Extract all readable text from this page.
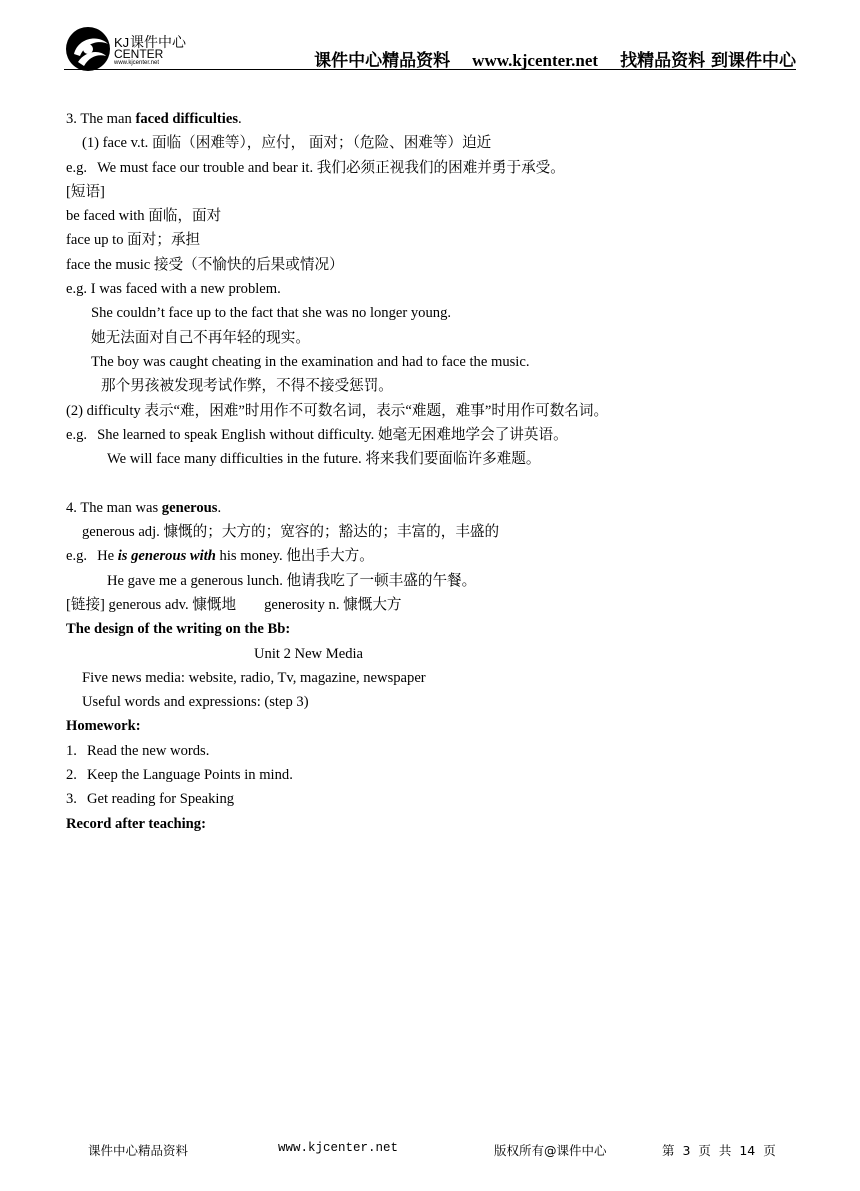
KJ 课件中心
CENTER
www.kjcenter.net	课件中心精品资料 www.kjcenter.net 找精品资料 到课件中心
3. The man faced difficulties.
(1) face v.t. 面临（困难等），应付， 面对；（危险、困难等）迫近
e.g. We must face our trouble and bear it. 我们必须正视我们的困难并勇于承受。
[短语]
be faced with 面临，面对
face up to 面对；承担
face the music 接受（不愉快的后果或情况）
e.g. I was faced with a new problem.
She couldn’t face up to the fact that she was no longer young.
她无法面对自己不再年轻的现实。
The boy was caught cheating in the examination and had to face the music.
那个男孩被发现考试作弊，不得不接受惩罚。
(2) difficulty 表示“难，困难”时用作不可数名词，表示“难题，难事”时用作可数名词。
e.g. She learned to speak English without difficulty. 她毫无困难地学会了讲英语。
We will face many difficulties in the future. 将来我们要面临许多难题。
4. The man was generous.
generous adj. 慷慨的；大方的；宽容的；豁达的；丰富的，丰盛的
e.g. He is generous with his money. 他出手大方。
He gave me a generous lunch. 他请我吃了一顿丰盛的午餐。
[链接] generous adv. 慷慨地 generosity n. 慷慨大方
The design of the writing on the Bb:
Unit 2 New Media
Five news media: website, radio, Tv, magazine, newspaper
Useful words and expressions: (step 3)
Homework:
1. Read the new words.
2. Keep the Language Points in mind.
3. Get reading for Speaking
Record after teaching:
课件中心精品资料	www.kjcenter.net	版权所有@课件中心	第 3 页 共 14 页
